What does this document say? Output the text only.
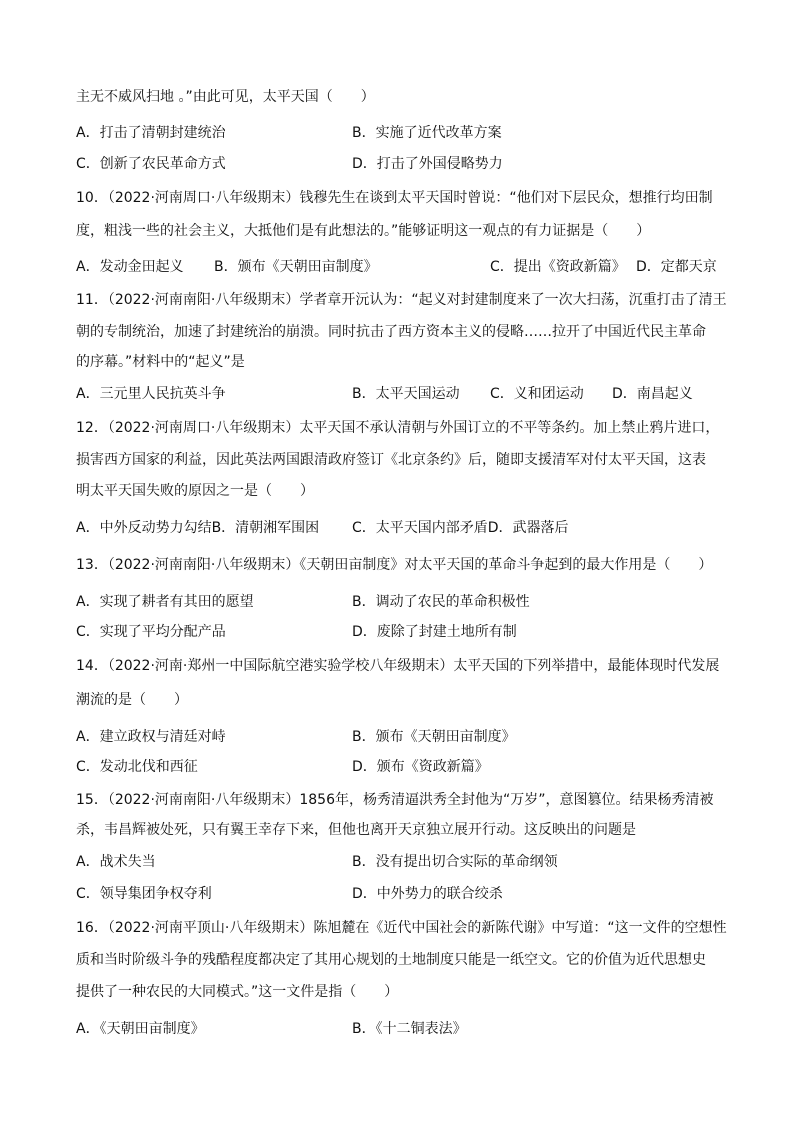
主无不威风扫地 。”由此可见，太平天国（　　）
A．打击了清朝封建统治	B．实施了近代改革方案
C．创新了农民革命方式	D．打击了外国侵略势力
10．（2022·河南周口·八年级期末）钱穆先生在谈到太平天国时曾说：“他们对下层民众，想推行均田制
度，粗浅一些的社会主义，大抵他们是有此想法的。”能够证明这一观点的有力证据是（　　）
A．发动金田起义 B．颁布《天朝田亩制度》	C．提出《资政新篇》 D．定都天京
11．（2022·河南南阳·八年级期末）学者章开沅认为：“起义对封建制度来了一次大扫荡，沉重打击了清王
朝的专制统治，加速了封建统治的崩溃。同时抗击了西方资本主义的侵略……拉开了中国近代民主革命
的序幕。”材料中的“起义”是
A．三元里人民抗英斗争	B．太平天国运动 C．义和团运动 D．南昌起义
12．（2022·河南周口·八年级期末）太平天国不承认清朝与外国订立的不平等条约。加上禁止鸦片进口，
损害西方国家的利益，因此英法两国跟清政府签订《北京条约》后，随即支援清军对付太平天国，这表
明太平天国失败的原因之一是（　　）
A．中外反动势力勾结B．清朝湘军围困 C．太平天国内部矛盾D．武器落后
13．（2022·河南南阳·八年级期末）《天朝田亩制度》对太平天国的革命斗争起到的最大作用是（　　）
A．实现了耕者有其田的愿望	B．调动了农民的革命积极性
C．实现了平均分配产品	D．废除了封建土地所有制
14．（2022·河南·郑州一中国际航空港实验学校八年级期末）太平天国的下列举措中，最能体现时代发展
潮流的是（　　）
A．建立政权与清廷对峙	B．颁布《天朝田亩制度》
C．发动北伐和西征	D．颁布《资政新篇》
15．（2022·河南南阳·八年级期末）1856年，杨秀清逼洪秀全封他为“万岁”，意图篡位。结果杨秀清被
杀，韦昌辉被处死，只有翼王幸存下来，但他也离开天京独立展开行动。这反映出的问题是
A．战术失当	B．没有提出切合实际的革命纲领
C．领导集团争权夺利	D．中外势力的联合绞杀
16．（2022·河南平顶山·八年级期末）陈旭麓在《近代中国社会的新陈代谢》中写道：“这一文件的空想性
质和当时阶级斗争的残酷程度都决定了其用心规划的土地制度只能是一纸空文。它的价值为近代思想史
提供了一种农民的大同模式。”这一文件是指（　　）
A．《天朝田亩制度》	B．《十二铜表法》
